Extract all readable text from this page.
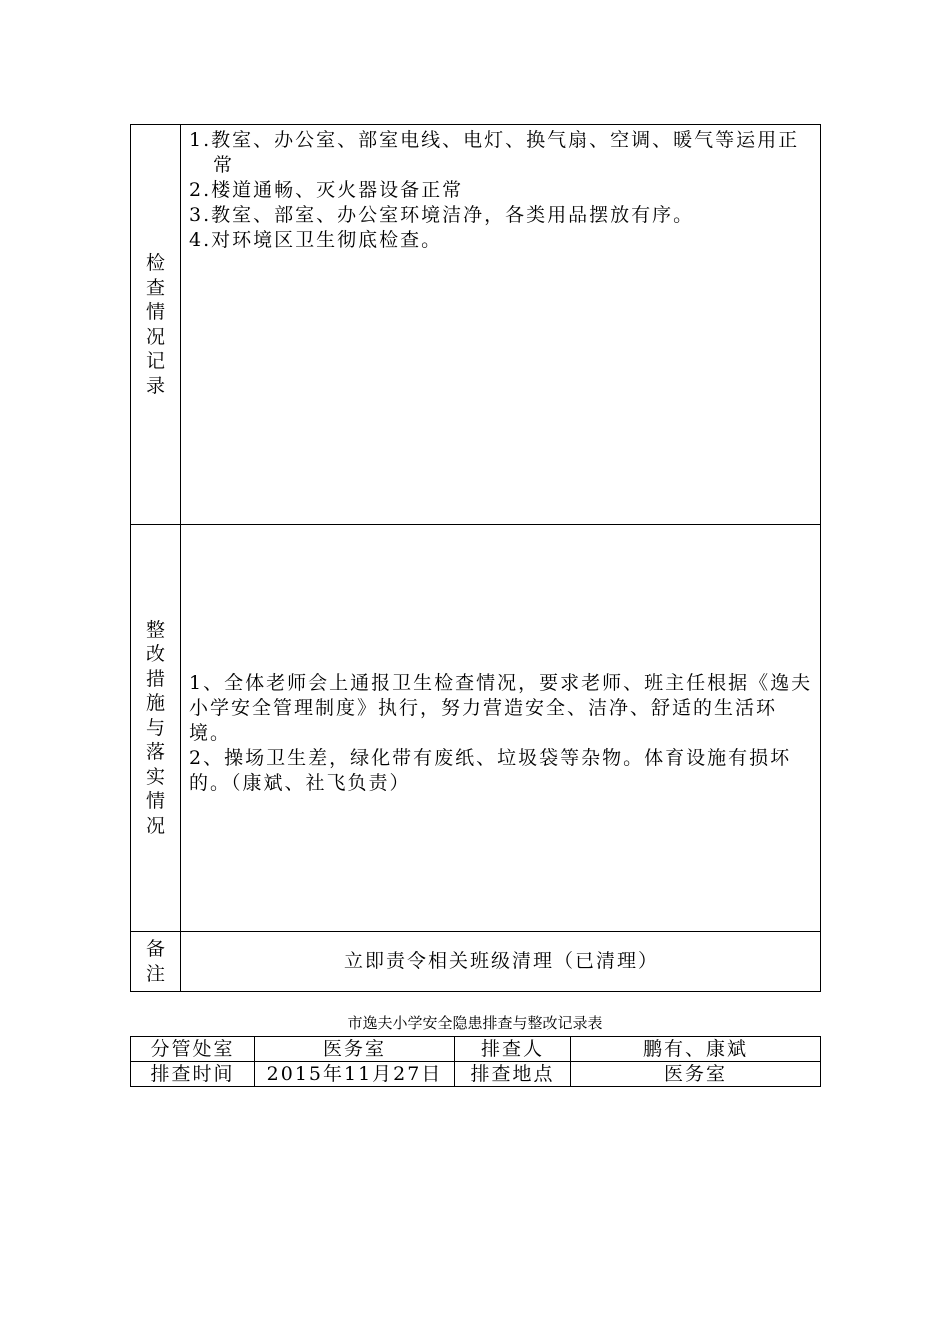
检查情况记录	1.教室、办公室、部室电线、电灯、换气扇、空调、暖气等运用正常
2.楼道通畅、灭火器设备正常
3.教室、部室、办公室环境洁净，各类用品摆放有序。
4.对环境区卫生彻底检查。

整改措施与落实情况	1、全体老师会上通报卫生检查情况，要求老师、班主任根据《逸夫小学安全管理制度》执行，努力营造安全、洁净、舒适的生活环境。
2、操场卫生差，绿化带有废纸、垃圾袋等杂物。体育设施有损坏的。（康斌、社飞负责）

备注	立即责令相关班级清理（已清理）
市逸夫小学安全隐患排查与整改记录表
分管处室	医务室	排查人	鹏有、康斌
排查时间	2015年11月27日	排查地点	医务室
